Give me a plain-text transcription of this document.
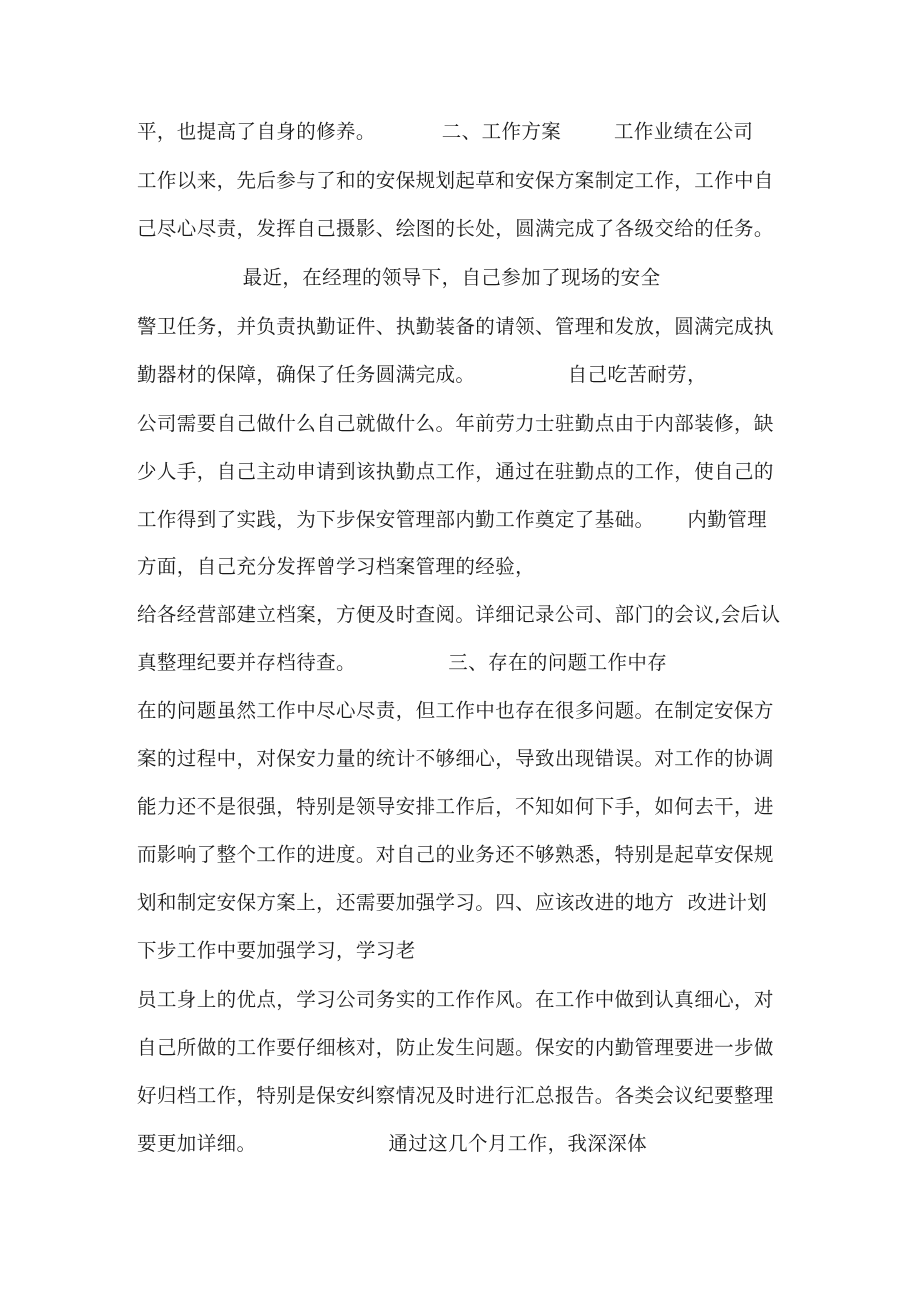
平，也提高了自身的修养。          二、工作方案        工作业绩在公司
工作以来，先后参与了和的安保规划起草和安保方案制定工作，工作中自
己尽心尽责，发挥自己摄影、绘图的长处，圆满完成了各级交给的任务。
最近，在经理的领导下，自己参加了现场的安全
警卫任务，并负责执勤证件、执勤装备的请领、管理和发放，圆满完成执
勤器材的保障，确保了任务圆满完成。              自己吃苦耐劳，
公司需要自己做什么自己就做什么。年前劳力士驻勤点由于内部装修，缺
少人手，自己主动申请到该执勤点工作，通过在驻勤点的工作，使自己的
工作得到了实践，为下步保安管理部内勤工作奠定了基础。     内勤管理
方面，自己充分发挥曾学习档案管理的经验，
给各经营部建立档案，方便及时查阅。详细记录公司、部门的会议,会后认
真整理纪要并存档待查。              三、存在的问题工作中存
在的问题虽然工作中尽心尽责，但工作中也存在很多问题。在制定安保方
案的过程中，对保安力量的统计不够细心，导致出现错误。对工作的协调
能力还不是很强，特别是领导安排工作后，不知如何下手，如何去干，进
而影响了整个工作的进度。对自己的业务还不够熟悉，特别是起草安保规
划和制定安保方案上，还需要加强学习。四、应该改进的地方  改进计划
下步工作中要加强学习，学习老
员工身上的优点，学习公司务实的工作作风。在工作中做到认真细心，对
自己所做的工作要仔细核对，防止发生问题。保安的内勤管理要进一步做
好归档工作，特别是保安纠察情况及时进行汇总报告。各类会议纪要整理
要更加详细。                    通过这几个月工作，我深深体
